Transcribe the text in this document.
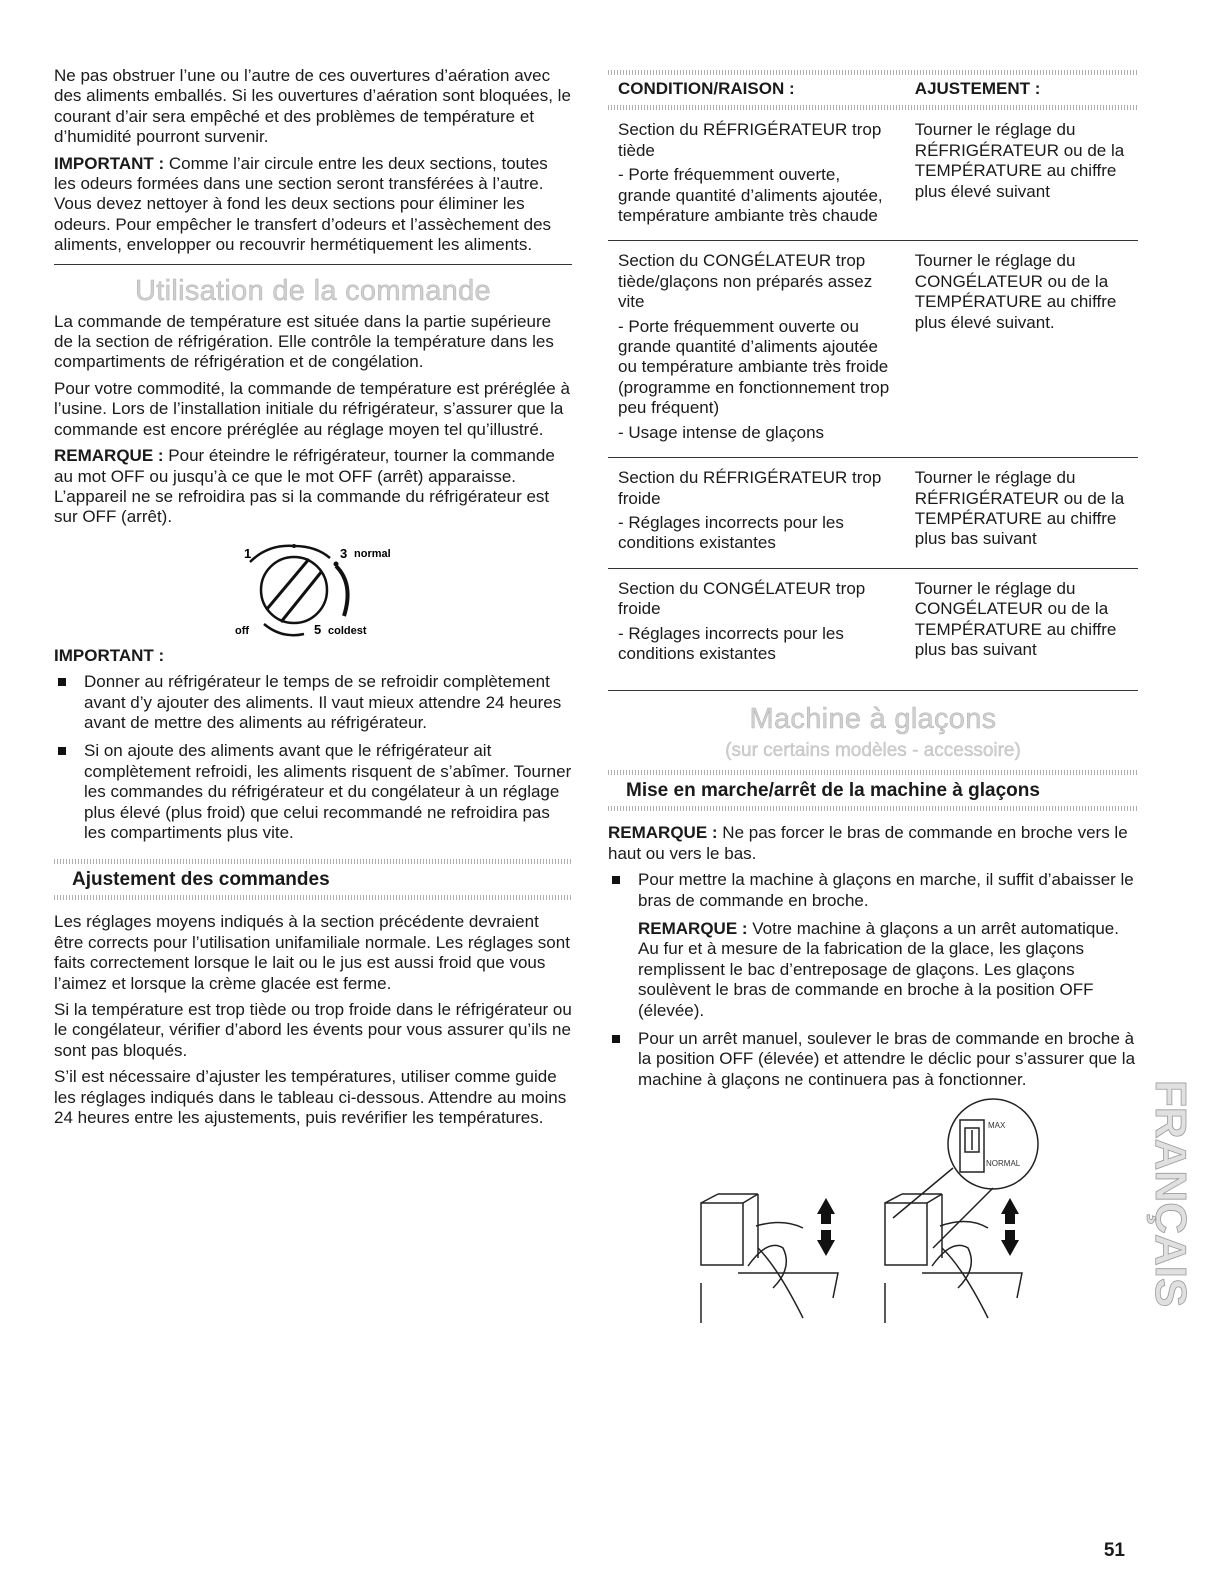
Ne pas obstruer l’une ou l’autre de ces ouvertures d’aération avec des aliments emballés. Si les ouvertures d’aération sont bloquées, le courant d’air sera empêché et des problèmes de température et d’humidité pourront survenir.

IMPORTANT : Comme l’air circule entre les deux sections, toutes les odeurs formées dans une section seront transférées à l’autre. Vous devez nettoyer à fond les deux sections pour éliminer les odeurs. Pour empêcher le transfert d’odeurs et l’assèchement des aliments, envelopper ou recouvrir hermétiquement les aliments.

Utilisation de la commande

La commande de température est située dans la partie supérieure de la section de réfrigération. Elle contrôle la température dans les compartiments de réfrigération et de congélation.

Pour votre commodité, la commande de température est préréglée à l’usine. Lors de l’installation initiale du réfrigérateur, s’assurer que la commande est encore préréglée au réglage moyen tel qu’illustré.

REMARQUE : Pour éteindre le réfrigérateur, tourner la commande au mot OFF ou jusqu’à ce que le mot OFF (arrêt) apparaisse. L’appareil ne se refroidira pas si la commande du réfrigérateur est sur OFF (arrêt).

1	3 normal
off	5 coldest

IMPORTANT :

Donner au réfrigérateur le temps de se refroidir complètement avant d’y ajouter des aliments. Il vaut mieux attendre 24 heures avant de mettre des aliments au réfrigérateur.
Si on ajoute des aliments avant que le réfrigérateur ait complètement refroidi, les aliments risquent de s’abîmer. Tourner les commandes du réfrigérateur et du congélateur à un réglage plus élevé (plus froid) que celui recommandé ne refroidira pas les compartiments plus vite.
Ajustement des commandes

Les réglages moyens indiqués à la section précédente devraient être corrects pour l’utilisation unifamiliale normale. Les réglages sont faits correctement lorsque le lait ou le jus est aussi froid que vous l’aimez et lorsque la crème glacée est ferme.

Si la température est trop tiède ou trop froide dans le réfrigérateur ou le congélateur, vérifier d’abord les évents pour vous assurer qu’ils ne sont pas bloqués.

S’il est nécessaire d’ajuster les températures, utiliser comme guide les réglages indiqués dans le tableau ci-dessous. Attendre au moins 24 heures entre les ajustements, puis revérifier les températures.

CONDITION/RAISON :	AJUSTEMENT :

Section du RÉFRIGÉRATEUR trop tiède

- Porte fréquemment ouverte, grande quantité d’aliments ajoutée, température ambiante très chaude	Tourner le réglage du RÉFRIGÉRATEUR ou de la TEMPÉRATURE au chiffre plus élevé suivant

Section du CONGÉLATEUR trop tiède/glaçons non préparés assez vite

- Porte fréquemment ouverte ou grande quantité d’aliments ajoutée ou température ambiante très froide (programme en fonctionnement trop peu fréquent)

- Usage intense de glaçons	Tourner le réglage du CONGÉLATEUR ou de la TEMPÉRATURE au chiffre plus élevé suivant.

Section du RÉFRIGÉRATEUR trop froide

- Réglages incorrects pour les conditions existantes	Tourner le réglage du RÉFRIGÉRATEUR ou de la TEMPÉRATURE au chiffre plus bas suivant

Section du CONGÉLATEUR trop froide

- Réglages incorrects pour les conditions existantes	Tourner le réglage du CONGÉLATEUR ou de la TEMPÉRATURE au chiffre plus bas suivant

Machine à glaçons
(sur certains modèles - accessoire)
Mise en marche/arrêt de la machine à glaçons

REMARQUE : Ne pas forcer le bras de commande en broche vers le haut ou vers le bas.

Pour mettre la machine à glaçons en marche, il suffit d’abaisser le bras de commande en broche.

REMARQUE : Votre machine à glaçons a un arrêt automatique. Au fur et à mesure de la fabrication de la glace, les glaçons remplissent le bac d’entreposage de glaçons. Les glaçons soulèvent le bras de commande en broche à la position OFF (élevée).

Pour un arrêt manuel, soulever le bras de commande en broche à la position OFF (élevée) et attendre le déclic pour s’assurer que la machine à glaçons ne continuera pas à fonctionner.
MAX
NORMAL	FRANÇAIS
51
